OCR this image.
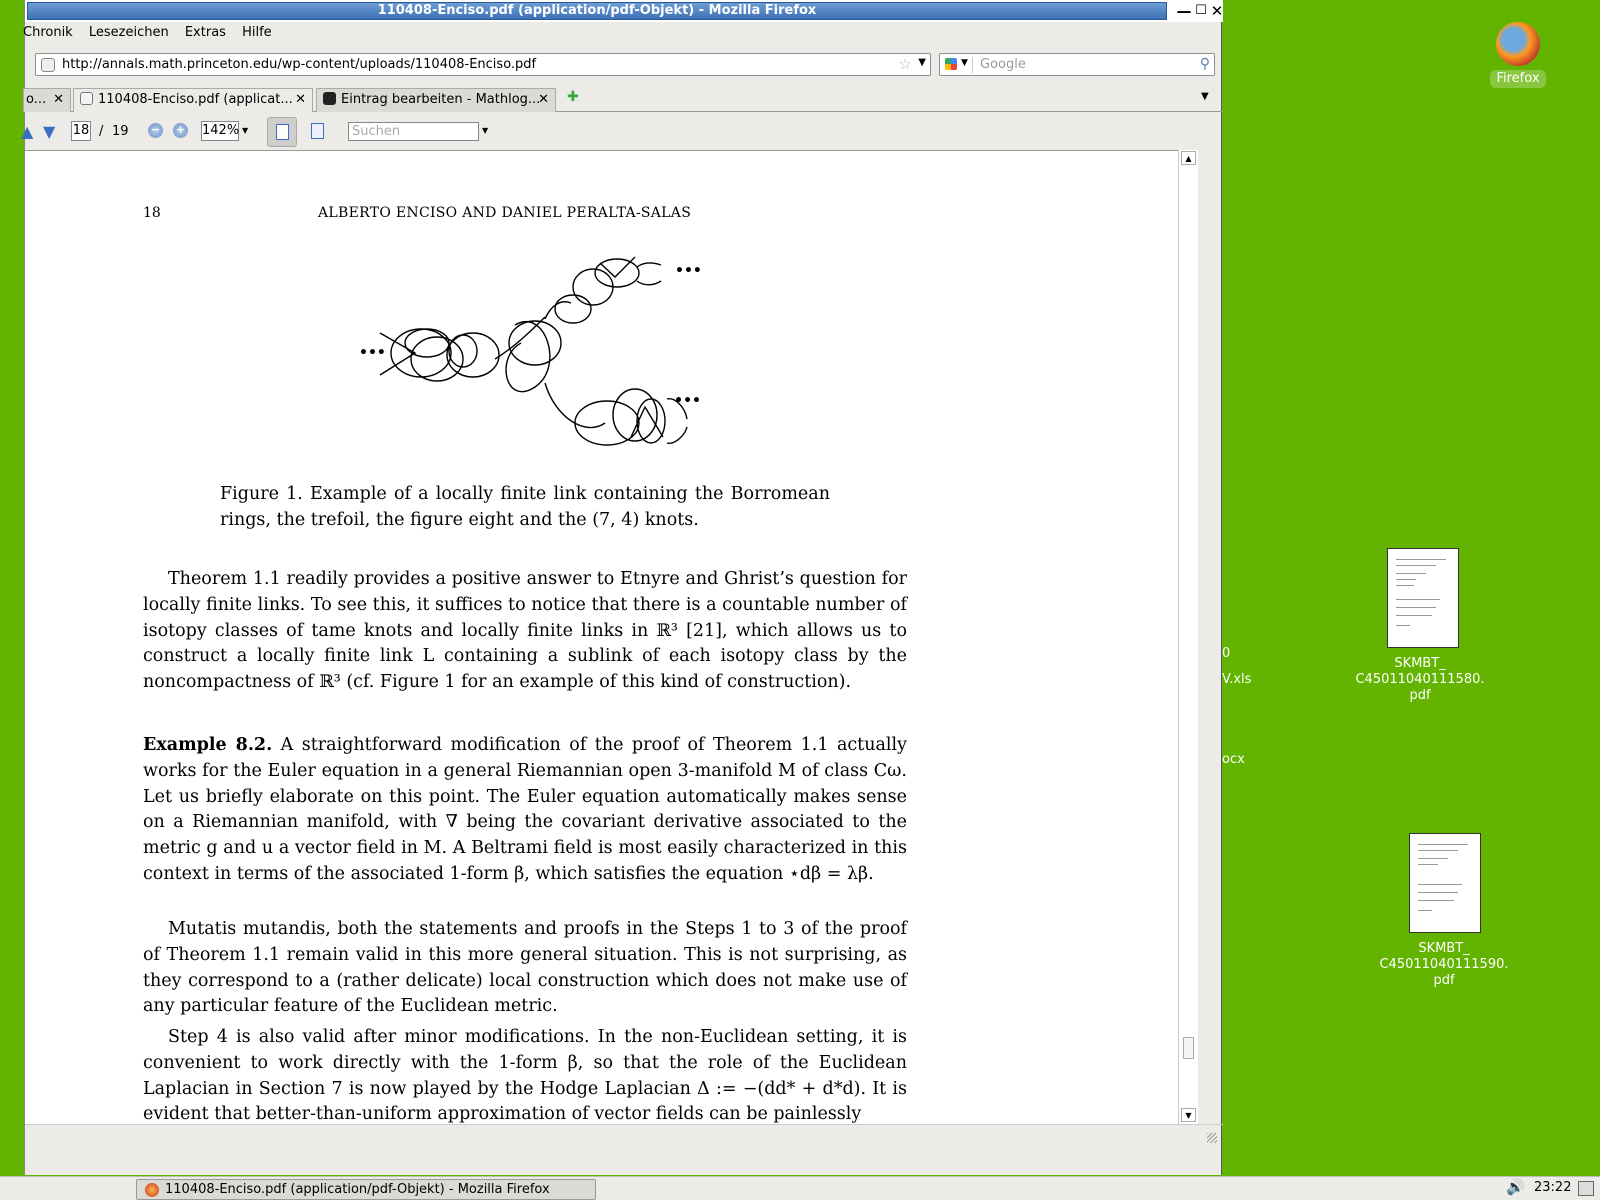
110408-Enciso.pdf (application/pdf-Objekt) - Mozilla Firefox	— ☐ ✕
Chronik Lesezeichen Extras Hilfe
http://annals.math.princeton.edu/wp-content/uploads/110408-Enciso.pdf	☆ ▼	▼ Google	⚲
o... ✕	110408-Enciso.pdf (applicat... ✕	Eintrag bearbeiten - Mathlog...
✕ ✚	▼
▲ ▼ 18 / 19 − + 142% ▼	Suchen	▼
18	ALBERTO ENCISO AND DANIEL PERALTA-SALAS
•••
•••
•••
Figure 1. Example of a locally finite link containing the Borromean rings, the trefoil, the figure eight and the (7, 4) knots.
Theorem 1.1 readily provides a positive answer to Etnyre and Ghrist’s question for locally finite links. To see this, it suffices to notice that there is a countable number of isotopy classes of tame knots and locally finite links in ℝ³ [21], which allows us to construct a locally finite link L containing a sublink of each isotopy class by the noncompactness of ℝ³ (cf. Figure 1 for an example of this kind of construction).
Example 8.2. A straightforward modification of the proof of Theorem 1.1 actually works for the Euler equation in a general Riemannian open 3-manifold M of class Cω. Let us briefly elaborate on this point. The Euler equation automatically makes sense on a Riemannian manifold, with ∇ being the covariant derivative associated to the metric g and u a vector field in M. A Beltrami field is most easily characterized in this context in terms of the associated 1-form β, which satisfies the equation ⋆dβ = λβ.
Mutatis mutandis, both the statements and proofs in the Steps 1 to 3 of the proof of Theorem 1.1 remain valid in this more general situation. This is not surprising, as they correspond to a (rather delicate) local construction which does not make use of any particular feature of the Euclidean metric.
Step 4 is also valid after minor modifications. In the non-Euclidean setting, it is convenient to work directly with the 1-form β, so that the role of the Euclidean Laplacian in Section 7 is now played by the Hodge Laplacian Δ := −(dd* + d*d). It is evident that better-than-uniform approximation of vector fields can be painlessly
▲
▼
Firefox
SKMBT_
C45011040111580.
pdf
SKMBT_
C45011040111590.
pdf
0
V.xls
ocx
110408-Enciso.pdf (application/pdf-Objekt) - Mozilla Firefox	🔊 23:22
